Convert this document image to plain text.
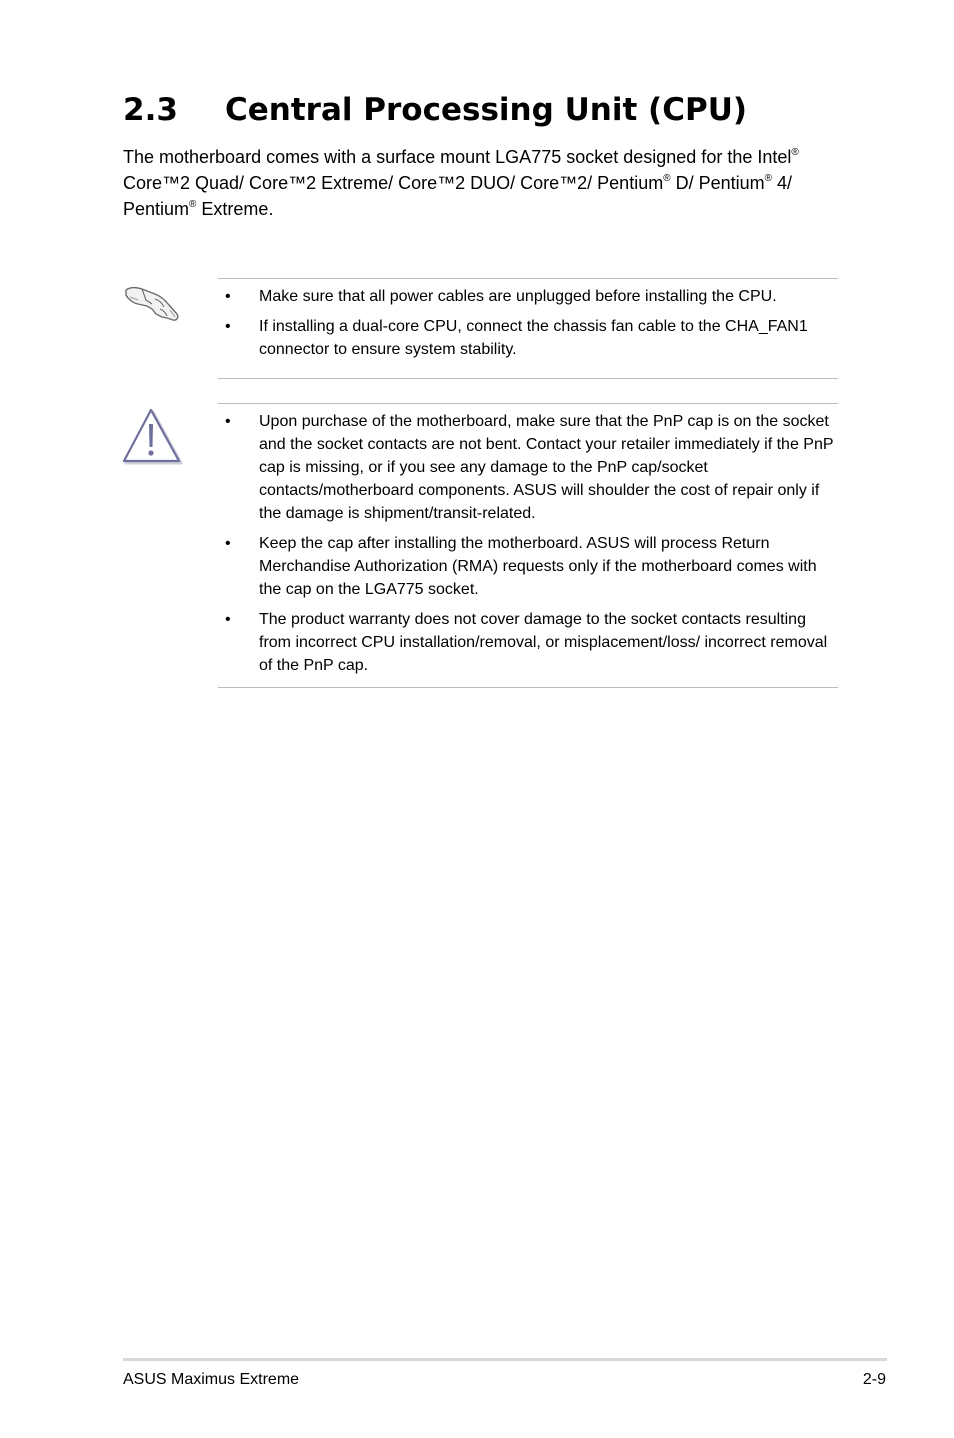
2.3 Central Processing Unit (CPU)

The motherboard comes with a surface mount LGA775 socket designed for the Intel® Core™2 Quad/ Core™2 Extreme/ Core™2 DUO/ Core™2/ Pentium® D/ Pentium® 4/ Pentium® Extreme.

• Make sure that all power cables are unplugged before installing the CPU.
• If installing a dual-core CPU, connect the chassis fan cable to the CHA_FAN1 connector to ensure system stability.
• Upon purchase of the motherboard, make sure that the PnP cap is on the socket and the socket contacts are not bent. Contact your retailer immediately if the PnP cap is missing, or if you see any damage to the PnP cap/socket contacts/motherboard components. ASUS will shoulder the cost of repair only if the damage is shipment/transit-related.
• Keep the cap after installing the motherboard. ASUS will process Return Merchandise Authorization (RMA) requests only if the motherboard comes with the cap on the LGA775 socket.
• The product warranty does not cover damage to the socket contacts resulting from incorrect CPU installation/removal, or misplacement/loss/ incorrect removal of the PnP cap.
ASUS Maximus Extreme	2-9
